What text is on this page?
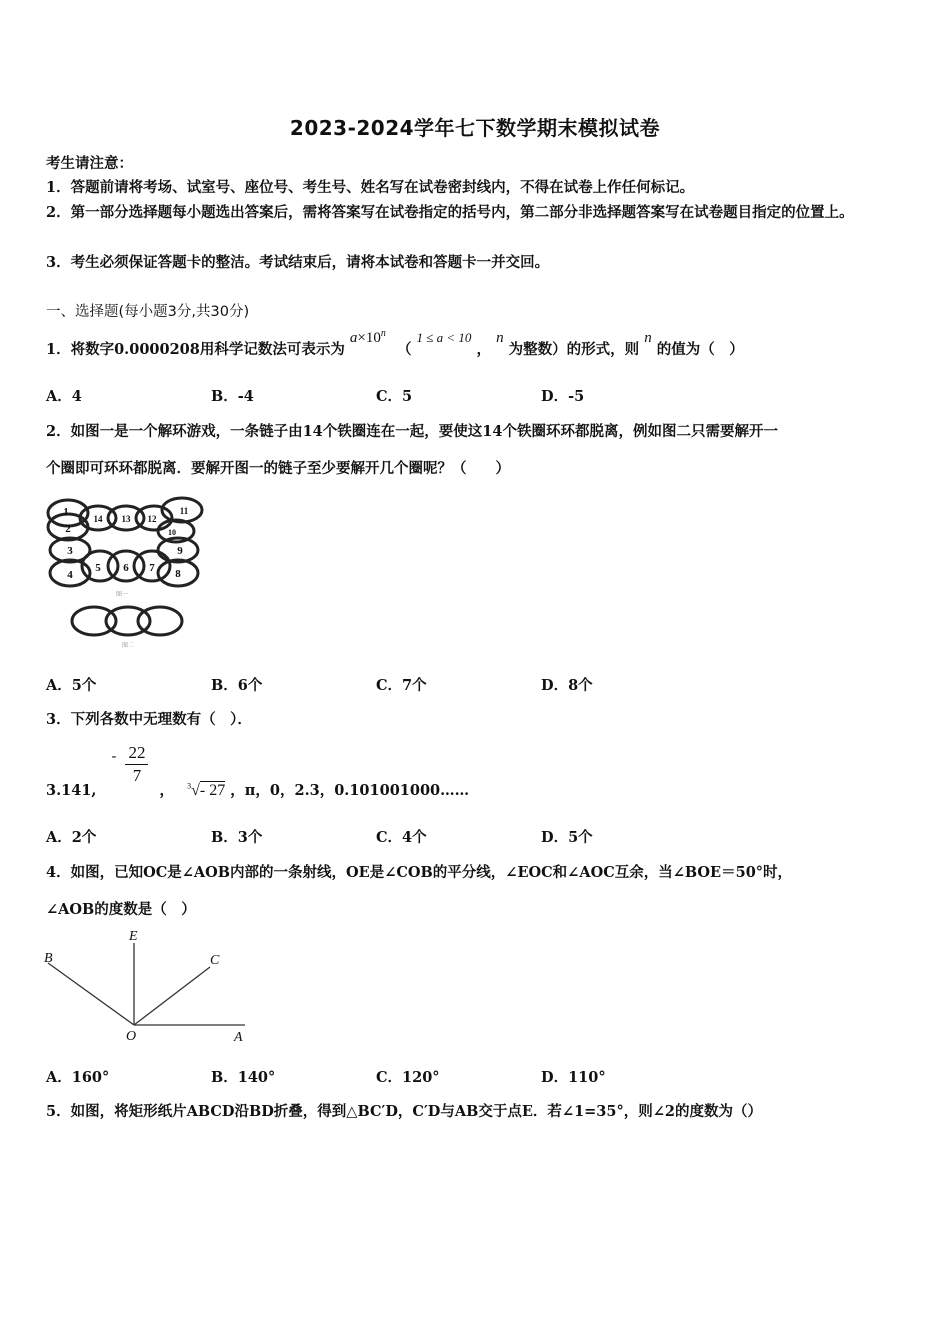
2023-2024学年七下数学期末模拟试卷
考生请注意：
1．答题前请将考场、试室号、座位号、考生号、姓名写在试卷密封线内，不得在试卷上作任何标记。
2．第一部分选择题每小题选出答案后，需将答案写在试卷指定的括号内，第二部分非选择题答案写在试卷题目指定的位置上。
3．考生必须保证答题卡的整洁。考试结束后，请将本试卷和答题卡一并交回。
一、选择题(每小题3分,共30分)
1．将数字0.0000208用科学记数法可表示为 $a\times 10^n$ （ 1 ≤ a < 10 ， n 为整数）的形式，则 n 的值为（　）
A．4	B．-4	C．5	D．-5
2．如图一是一个解环游戏，一条链子由14个铁圈连在一起，要使这14个铁圈环环都脱离，例如图二只需要解开一
个圈即可环环都脱离．要解开图一的链子至少要解开几个圈呢？（　　）
1
14 13 12
11
2	10
3	9
4
5 6 7 8
图一
图二
A．5个	B．6个	C．7个	D．8个
3．下列各数中无理数有（　）．
3.141, - $\frac{22}{7}$
， $^3$√- 27 ，π，0，2.3，0.101001000……
A．2个	B．3个	C．4个	D．5个
4．如图，已知OC是∠AOB内部的一条射线，OE是∠COB的平分线，∠EOC和∠AOC互余，当∠BOE＝50°时，
∠AOB的度数是（　）
B
E
C
O	A
A．160°	B．140°	C．120°	D．110°
5．如图，将矩形纸片ABCD沿BD折叠，得到△BC′D，C′D与AB交于点E．若∠1=35°，则∠2的度数为（）
